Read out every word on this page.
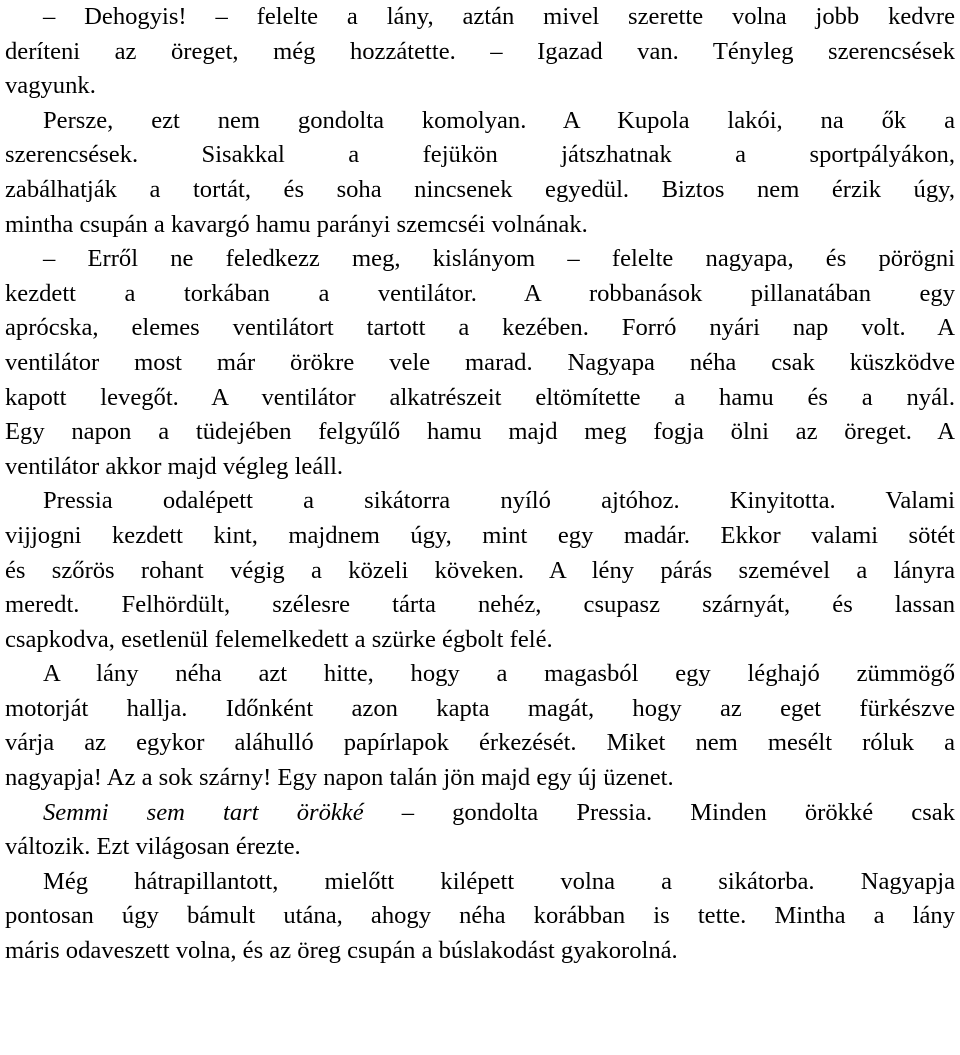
– Dehogyis! – felelte a lány, aztán mivel szerette volna jobb kedvre
deríteni az öreget, még hozzátette. – Igazad van. Tényleg szerencsések
vagyunk.
Persze, ezt nem gondolta komolyan. A Kupola lakói, na ők a
szerencsések. Sisakkal a fejükön játszhatnak a sportpályákon,
zabálhatják a tortát, és soha nincsenek egyedül. Biztos nem érzik úgy,
mintha csupán a kavargó hamu parányi szemcséi volnának.
– Erről ne feledkezz meg, kislányom – felelte nagyapa, és pörögni
kezdett a torkában a ventilátor. A robbanások pillanatában egy
aprócska, elemes ventilátort tartott a kezében. Forró nyári nap volt. A
ventilátor most már örökre vele marad. Nagyapa néha csak küszködve
kapott levegőt. A ventilátor alkatrészeit eltömítette a hamu és a nyál.
Egy napon a tüdejében felgyűlő hamu majd meg fogja ölni az öreget. A
ventilátor akkor majd végleg leáll.
Pressia odalépett a sikátorra nyíló ajtóhoz. Kinyitotta. Valami
vijjogni kezdett kint, majdnem úgy, mint egy madár. Ekkor valami sötét
és szőrös rohant végig a közeli köveken. A lény párás szemével a lányra
meredt. Felhördült, szélesre tárta nehéz, csupasz szárnyát, és lassan
csapkodva, esetlenül felemelkedett a szürke égbolt felé.
A lány néha azt hitte, hogy a magasból egy léghajó zümmögő
motorját hallja. Időnként azon kapta magát, hogy az eget fürkészve
várja az egykor aláhulló papírlapok érkezését. Miket nem mesélt róluk a
nagyapja! Az a sok szárny! Egy napon talán jön majd egy új üzenet.
Semmi sem tart örökké – gondolta Pressia. Minden örökké csak
változik. Ezt világosan érezte.
Még hátrapillantott, mielőtt kilépett volna a sikátorba. Nagyapja
pontosan úgy bámult utána, ahogy néha korábban is tette. Mintha a lány
máris odaveszett volna, és az öreg csupán a búslakodást gyakorolná.
